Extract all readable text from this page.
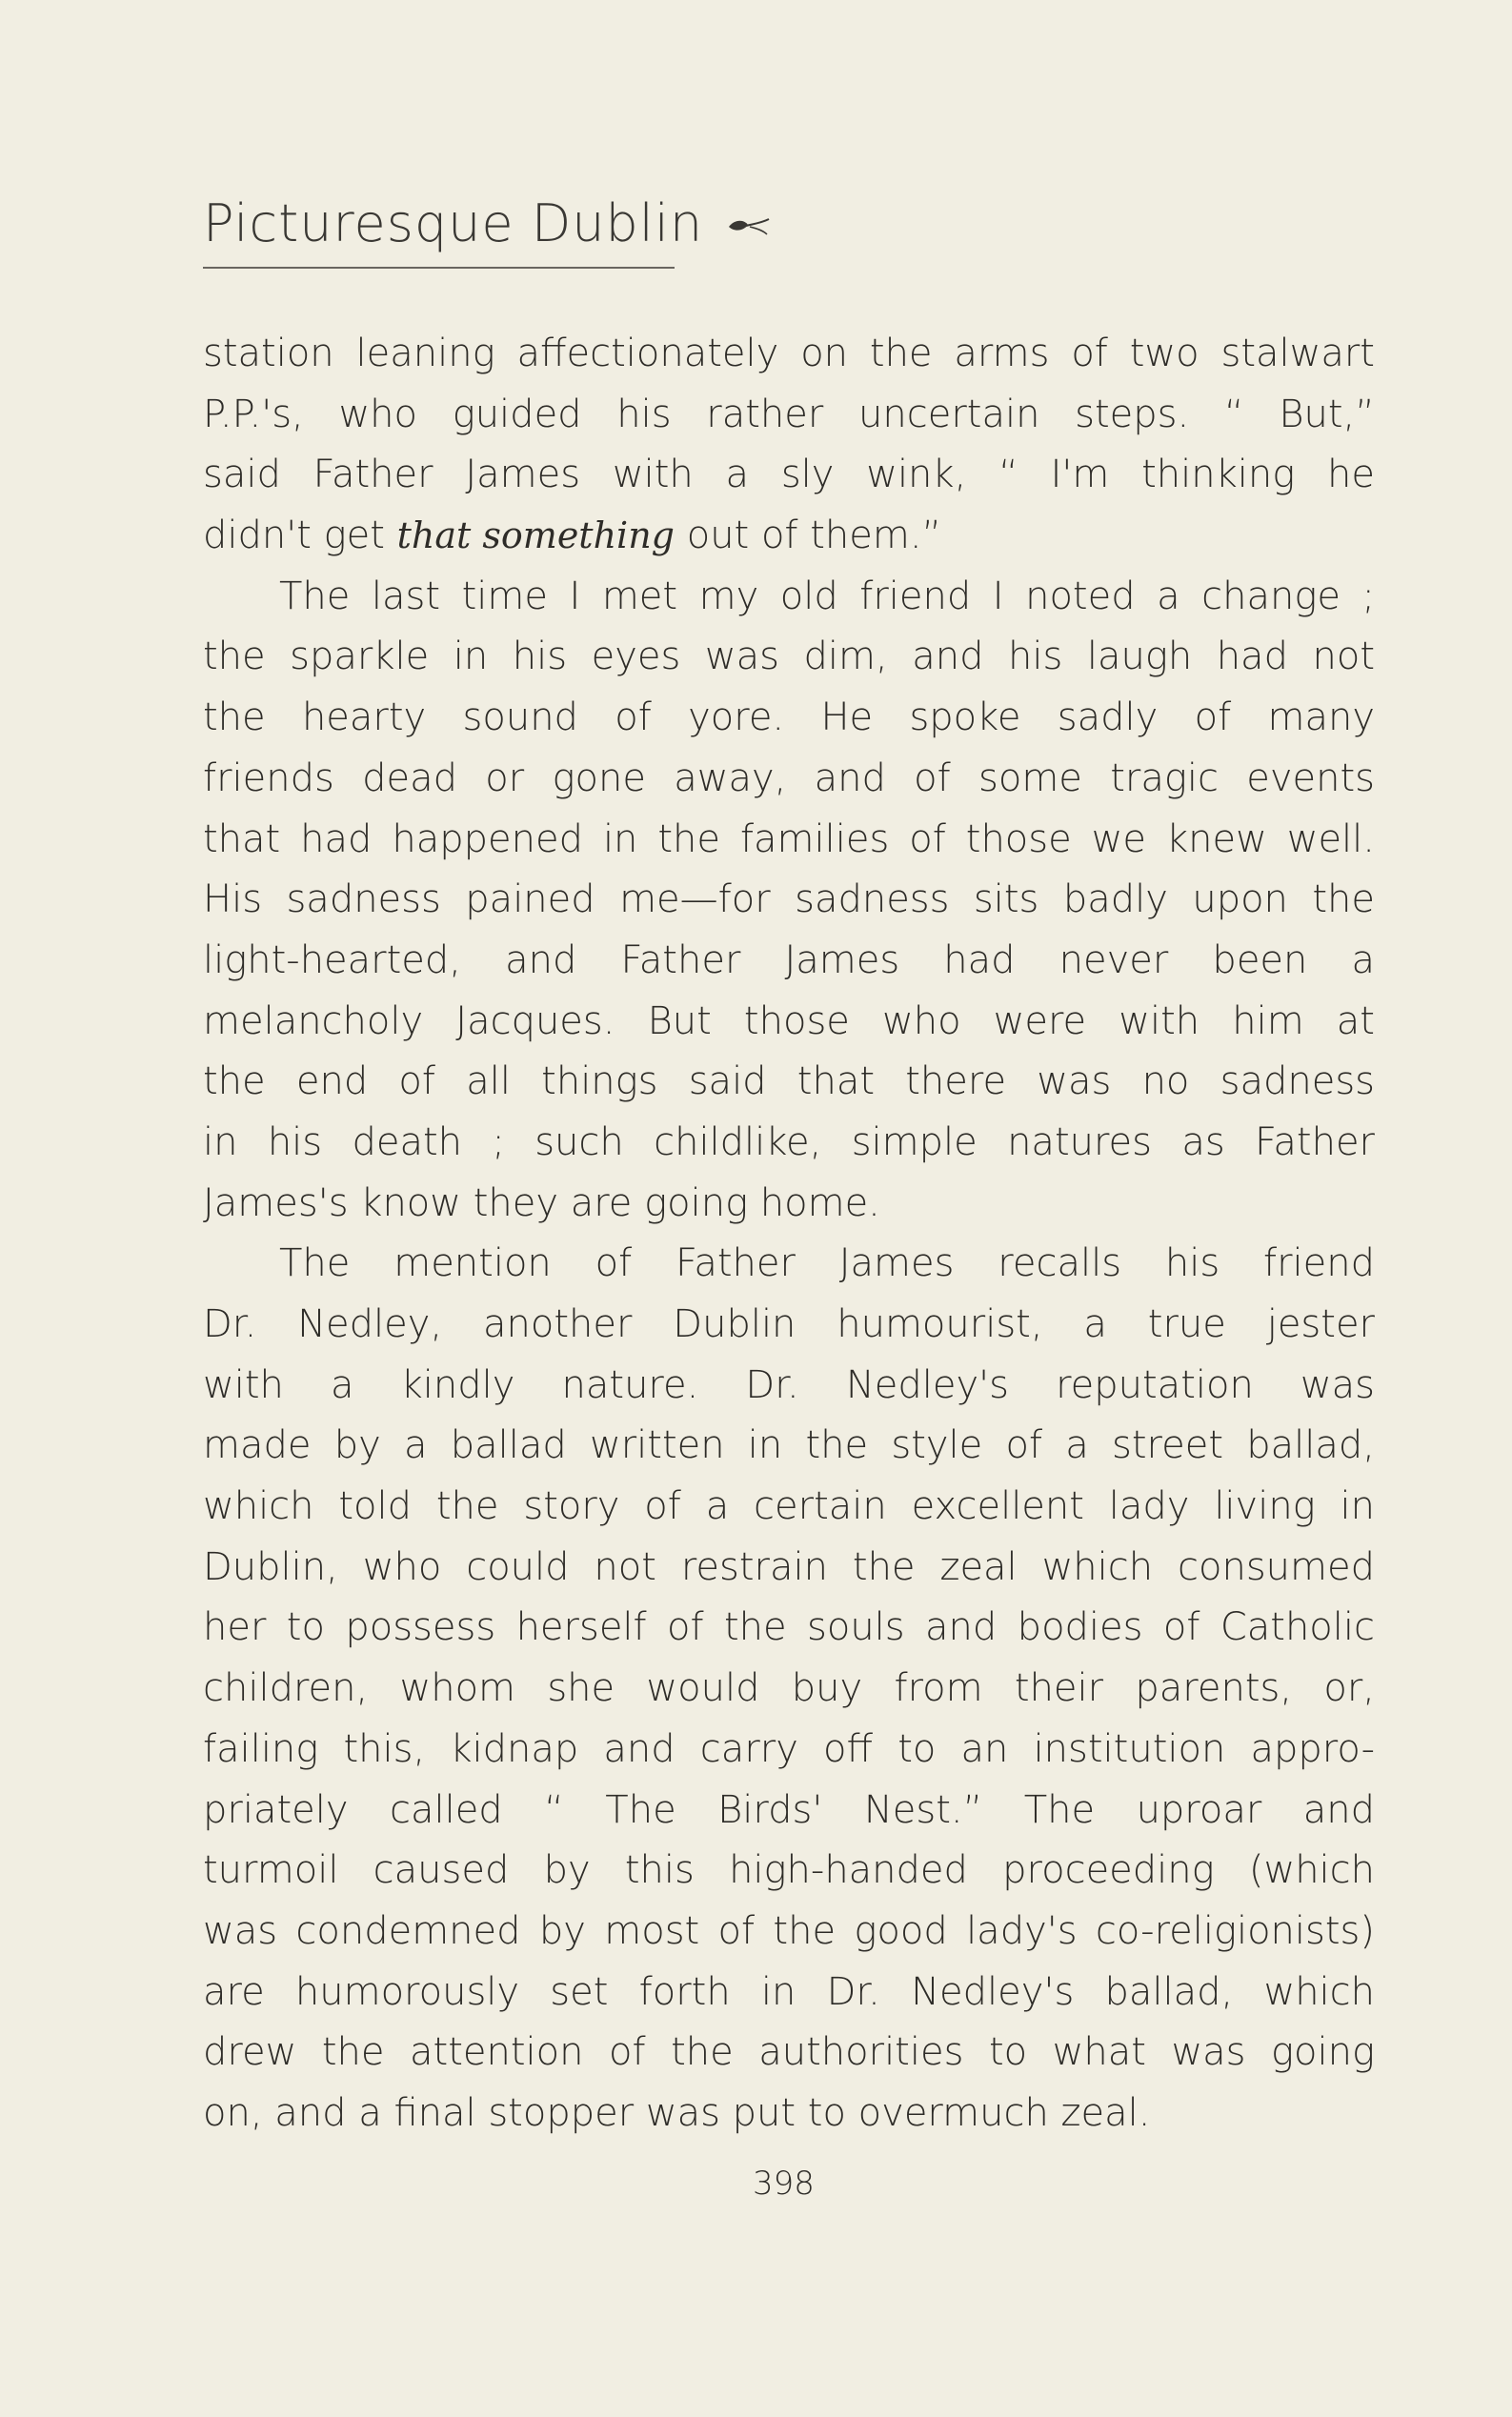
Picturesque Dublin
station leaning affectionately on the arms of two stalwart
P.P.'s, who guided his rather uncertain steps. “ But,”
said Father James with a sly wink, “ I'm thinking he
didn't get that something out of them.”
The last time I met my old friend I noted a change ;
the sparkle in his eyes was dim, and his laugh had not
the hearty sound of yore. He spoke sadly of many
friends dead or gone away, and of some tragic events
that had happened in the families of those we knew well.
His sadness pained me—for sadness sits badly upon the
light-hearted, and Father James had never been a
melancholy Jacques. But those who were with him at
the end of all things said that there was no sadness
in his death ; such childlike, simple natures as Father
James's know they are going home.
The mention of Father James recalls his friend
Dr. Nedley, another Dublin humourist, a true jester
with a kindly nature. Dr. Nedley's reputation was
made by a ballad written in the style of a street ballad,
which told the story of a certain excellent lady living in
Dublin, who could not restrain the zeal which consumed
her to possess herself of the souls and bodies of Catholic
children, whom she would buy from their parents, or,
failing this, kidnap and carry off to an institution appro-
priately called “ The Birds' Nest.” The uproar and
turmoil caused by this high-handed proceeding (which
was condemned by most of the good lady's co-religionists)
are humorously set forth in Dr. Nedley's ballad, which
drew the attention of the authorities to what was going
on, and a final stopper was put to overmuch zeal.
398
